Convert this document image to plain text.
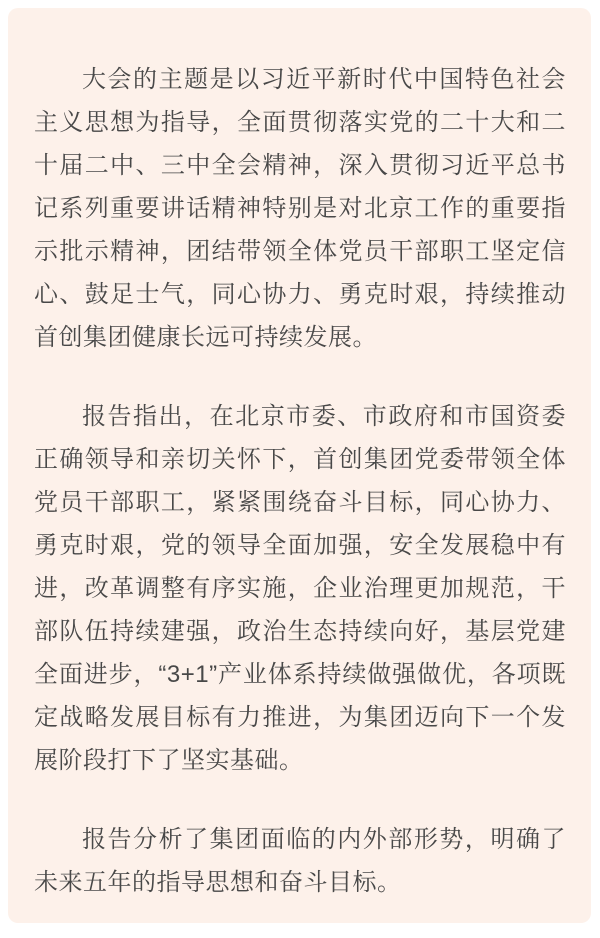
大会的主题是以习近平新时代中国特色社会主义思想为指导，全面贯彻落实党的二十大和二十届二中、三中全会精神，深入贯彻习近平总书记系列重要讲话精神特别是对北京工作的重要指示批示精神，团结带领全体党员干部职工坚定信心、鼓足士气，同心协力、勇克时艰，持续推动首创集团健康长远可持续发展。

报告指出，在北京市委、市政府和市国资委正确领导和亲切关怀下，首创集团党委带领全体党员干部职工，紧紧围绕奋斗目标，同心协力、勇克时艰，党的领导全面加强，安全发展稳中有进，改革调整有序实施，企业治理更加规范，干部队伍持续建强，政治生态持续向好，基层党建全面进步，“3+1”产业体系持续做强做优，各项既定战略发展目标有力推进，为集团迈向下一个发展阶段打下了坚实基础。

报告分析了集团面临的内外部形势，明确了未来五年的指导思想和奋斗目标。
